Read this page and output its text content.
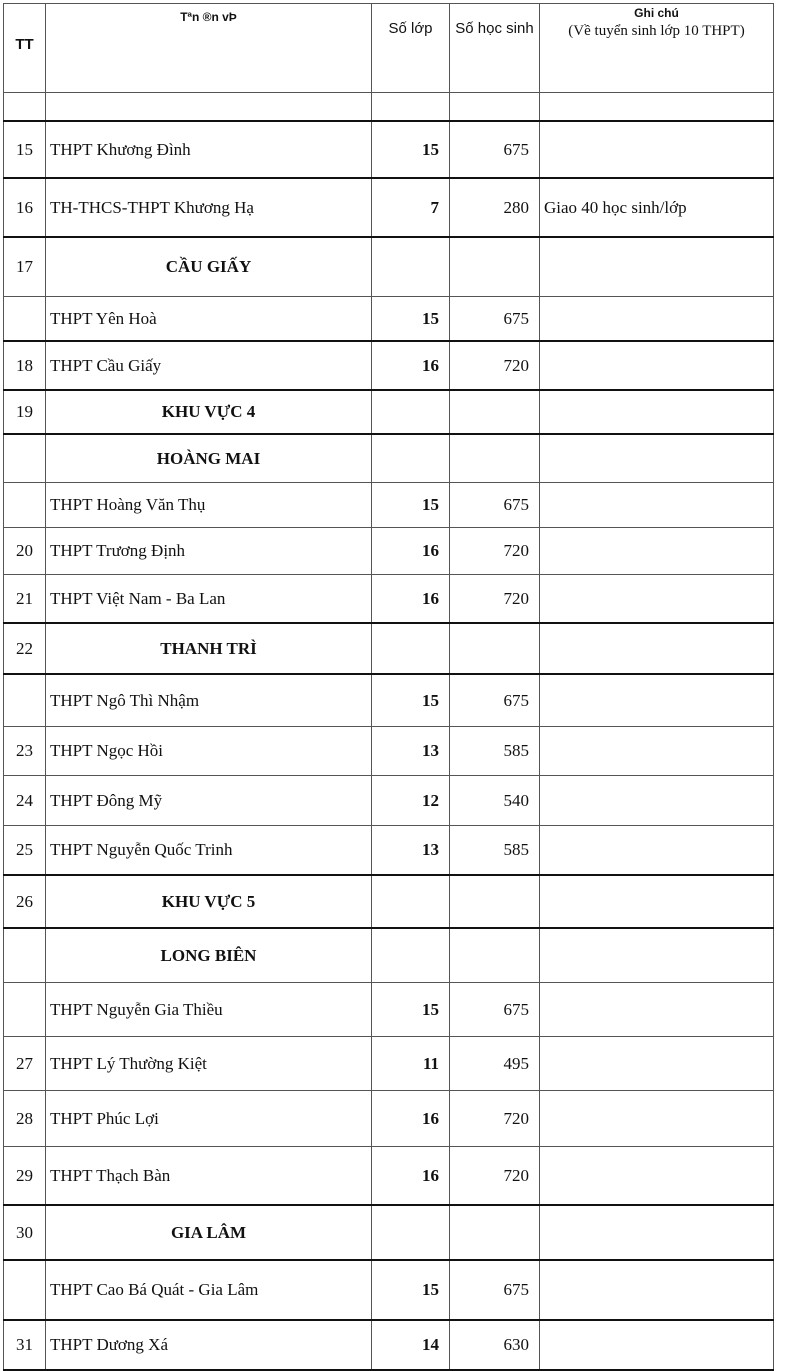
TT	Tªn ®n vÞ	Số lớp	Số học sinh	Ghi chú
(Về tuyển sinh lớp 10 THPT)

15	THPT Khương Đình	15	675	
16	TH-THCS-THPT Khương Hạ	7	280	Giao 40 học sinh/lớp
17	CẦU GIẤY			
	THPT Yên Hoà	15	675	
18	THPT Cầu Giấy	16	720	
19	KHU VỰC 4			
	HOÀNG MAI			
	THPT Hoàng Văn Thụ	15	675	
20	THPT Trương Định	16	720	
21	THPT Việt Nam - Ba Lan	16	720	
22	THANH TRÌ			
	THPT Ngô Thì Nhậm	15	675	
23	THPT Ngọc Hồi	13	585	
24	THPT Đông Mỹ	12	540	
25	THPT Nguyễn Quốc Trinh	13	585	
26	KHU VỰC 5			
	LONG BIÊN			
	THPT Nguyễn Gia Thiều	15	675	
27	THPT Lý Thường Kiệt	11	495	
28	THPT Phúc Lợi	16	720	
29	THPT Thạch Bàn	16	720	
30	GIA LÂM			
	THPT Cao Bá Quát - Gia Lâm	15	675	
31	THPT Dương Xá	14	630	
